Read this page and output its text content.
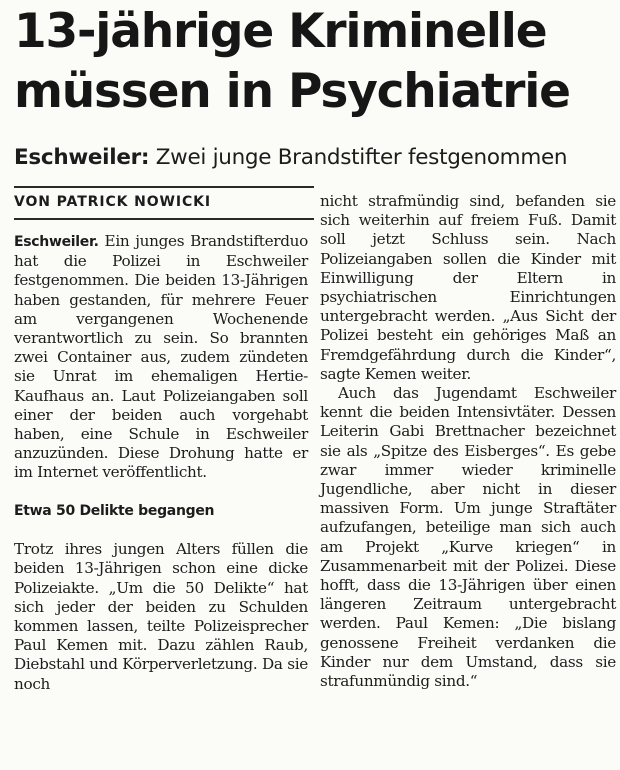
13-jährige Kriminelle
müssen in Psychiatrie
Eschweiler: Zwei junge Brandstifter festgenommen
VON PATRICK NOWICKI

Eschweiler. Ein junges Brandstifterduo hat die Polizei in Eschweiler festgenommen. Die beiden 13-Jährigen haben gestanden, für mehrere Feuer am vergangenen Wochenende verantwortlich zu sein. So brannten zwei Container aus, zudem zündeten sie Unrat im ehemaligen Hertie-Kaufhaus an. Laut Polizeiangaben soll einer der beiden auch vorgehabt haben, eine Schule in Eschweiler anzuzünden. Diese Drohung hatte er im Internet veröffentlicht.

Etwa 50 Delikte begangen

Trotz ihres jungen Alters füllen die beiden 13-Jährigen schon eine dicke Polizeiakte. „Um die 50 Delikte“ hat sich jeder der beiden zu Schulden kommen lassen, teilte Polizeisprecher Paul Kemen mit. Dazu zählen Raub, Diebstahl und Körperverletzung. Da sie noch

nicht strafmündig sind, befanden sie sich weiterhin auf freiem Fuß. Damit soll jetzt Schluss sein. Nach Polizeiangaben sollen die Kinder mit Einwilligung der Eltern in psychiatrischen Einrichtungen untergebracht werden. „Aus Sicht der Polizei besteht ein gehöriges Maß an Fremdgefährdung durch die Kinder“, sagte Kemen weiter.

Auch das Jugendamt Eschweiler kennt die beiden Intensivtäter. Dessen Leiterin Gabi Brettnacher bezeichnet sie als „Spitze des Eisberges“. Es gebe zwar immer wieder kriminelle Jugendliche, aber nicht in dieser massiven Form. Um junge Straftäter aufzufangen, beteilige man sich auch am Projekt „Kurve kriegen“ in Zusammenarbeit mit der Polizei. Diese hofft, dass die 13-Jährigen über einen längeren Zeitraum untergebracht werden. Paul Kemen: „Die bislang genossene Freiheit verdanken die Kinder nur dem Umstand, dass sie strafunmündig sind.“
